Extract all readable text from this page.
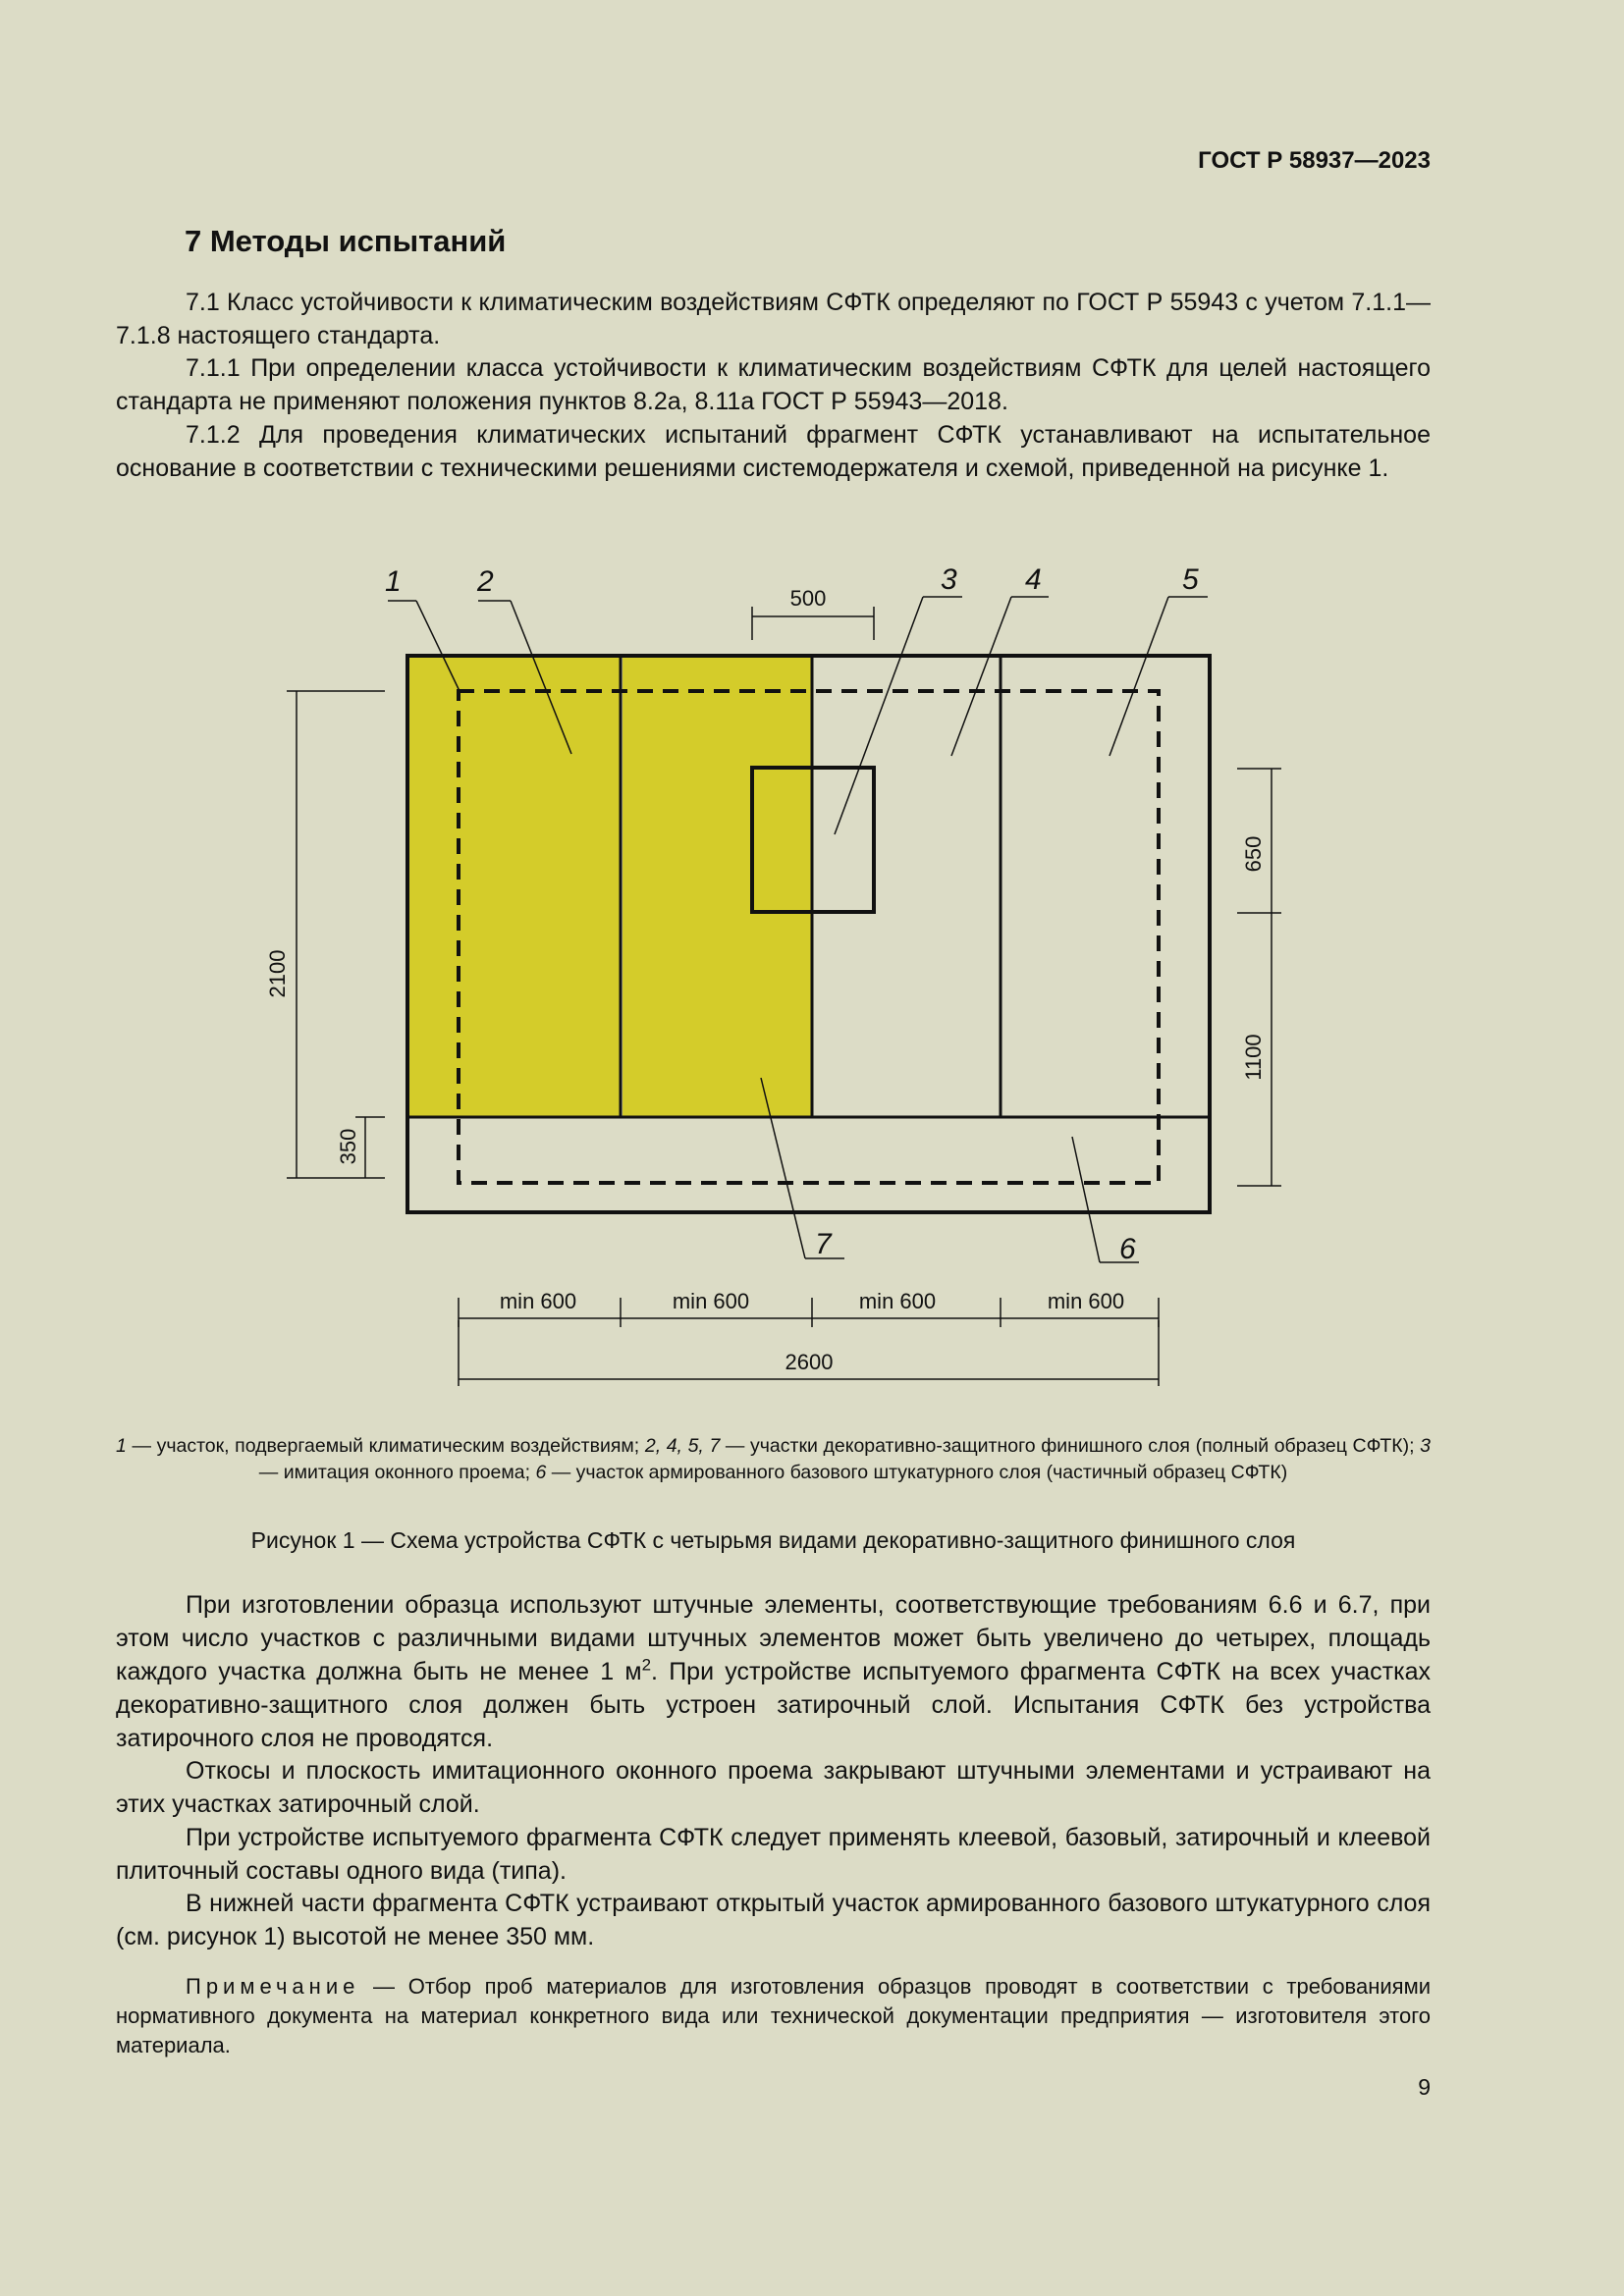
ГОСТ Р 58937—2023
7 Методы испытаний

7.1 Класс устойчивости к климатическим воздействиям СФТК определяют по ГОСТ Р 55943 с учетом 7.1.1—7.1.8 настоящего стандарта.

7.1.1 При определении класса устойчивости к климатическим воздействиям СФТК для целей настоящего стандарта не применяют положения пунктов 8.2а, 8.11а ГОСТ Р 55943—2018.

7.1.2 Для проведения климатических испытаний фрагмент СФТК устанавливают на испытательное основание в соответствии с техническими решениями системодержателя и схемой, приведенной на рисунке 1.

1	2	3 4	5
7	6
500
2100
350
650
1100
min 600	min 600	min 600	min 600
2600

1 — участок, подвергаемый климатическим воздействиям; 2, 4, 5, 7 — участки декоративно-защитного финишного слоя (полный образец СФТК); 3 — имитация оконного проема; 6 — участок армированного базового штукатурного слоя (частичный образец СФТК)

Рисунок 1 — Схема устройства СФТК с четырьмя видами декоративно-защитного финишного слоя

При изготовлении образца используют штучные элементы, соответствующие требованиям 6.6 и 6.7, при этом число участков с различными видами штучных элементов может быть увеличено до четырех, площадь каждого участка должна быть не менее 1 $м^2$. При устройстве испытуемого фрагмента СФТК на всех участках декоративно-защитного слоя должен быть устроен затирочный слой. Испытания СФТК без устройства затирочного слоя не проводятся.

Откосы и плоскость имитационного оконного проема закрывают штучными элементами и устраивают на этих участках затирочный слой.

При устройстве испытуемого фрагмента СФТК следует применять клеевой, базовый, затирочный и клеевой плиточный составы одного вида (типа).

В нижней части фрагмента СФТК устраивают открытый участок армированного базового штукатурного слоя (см. рисунок 1) высотой не менее 350 мм.

Примечание — Отбор проб материалов для изготовления образцов проводят в соответствии с требованиями нормативного документа на материал конкретного вида или технической документации предприятия — изготовителя этого материала.

9
